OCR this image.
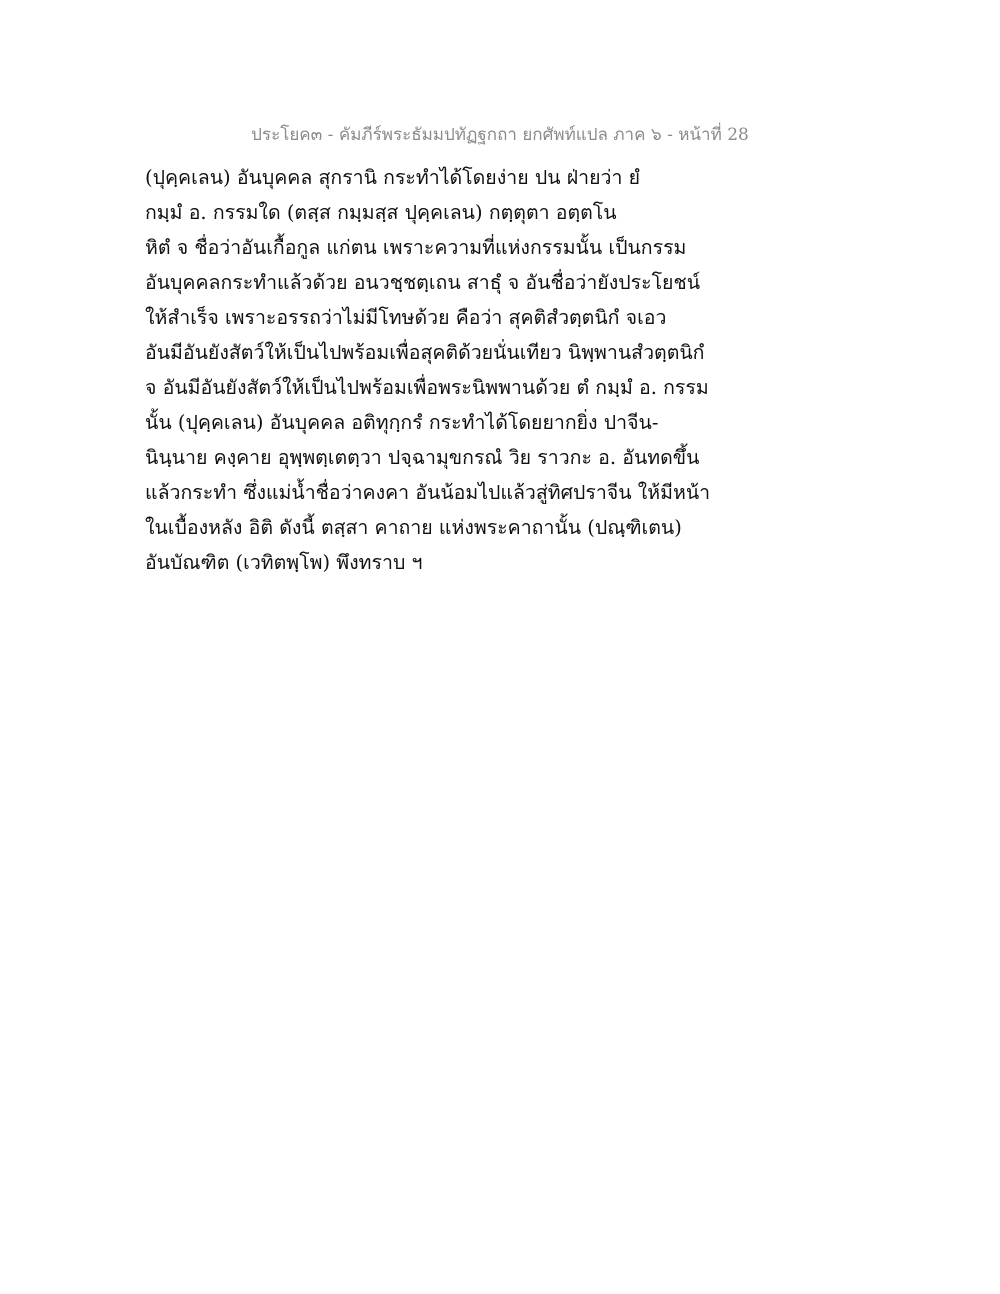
ประโยค๓ - คัมภีร์พระธัมมปทัฏฐกถา ยกศัพท์แปล ภาค ๖ - หน้าที่ 28
(ปุคฺคเลน) อันบุคคล สุกรานิ กระทำได้โดยง่าย ปน ฝ่ายว่า ยํ
กมฺมํ อ. กรรมใด (ตสฺส กมฺมสฺส ปุคฺคเลน) กตฺตุตา อตฺตโน
หิตํ จ ชื่อว่าอันเกื้อกูล แก่ตน เพราะความที่แห่งกรรมนั้น เป็นกรรม
อันบุคคลกระทำแล้วด้วย อนวชฺชตฺเถน สาธุํ จ อันชื่อว่ายังประโยชน์
ให้สำเร็จ เพราะอรรถว่าไม่มีโทษด้วย คือว่า สุคติสํวตฺตนิกํ จเอว
อันมีอันยังสัตว์ให้เป็นไปพร้อมเพื่อสุคติด้วยนั่นเทียว นิพฺพานสํวตฺตนิกํ
จ อันมีอันยังสัตว์ให้เป็นไปพร้อมเพื่อพระนิพพานด้วย ตํ กมฺมํ อ. กรรม
นั้น (ปุคฺคเลน) อันบุคคล อติทุกฺกรํ กระทำได้โดยยากยิ่ง ปาจีน-
นินฺนาย คงฺคาย อุพฺพตฺเตตฺวา ปจฺฉามุขกรณํ วิย ราวกะ อ. อันทดขึ้น
แล้วกระทำ ซึ่งแม่น้ำชื่อว่าคงคา อันน้อมไปแล้วสู่ทิศปราจีน ให้มีหน้า
ในเบื้องหลัง อิติ ดังนี้ ตสฺสา คาถาย แห่งพระคาถานั้น (ปณฺฑิเตน)
อันบัณฑิต (เวทิตพฺโพ) พึงทราบ ฯ
